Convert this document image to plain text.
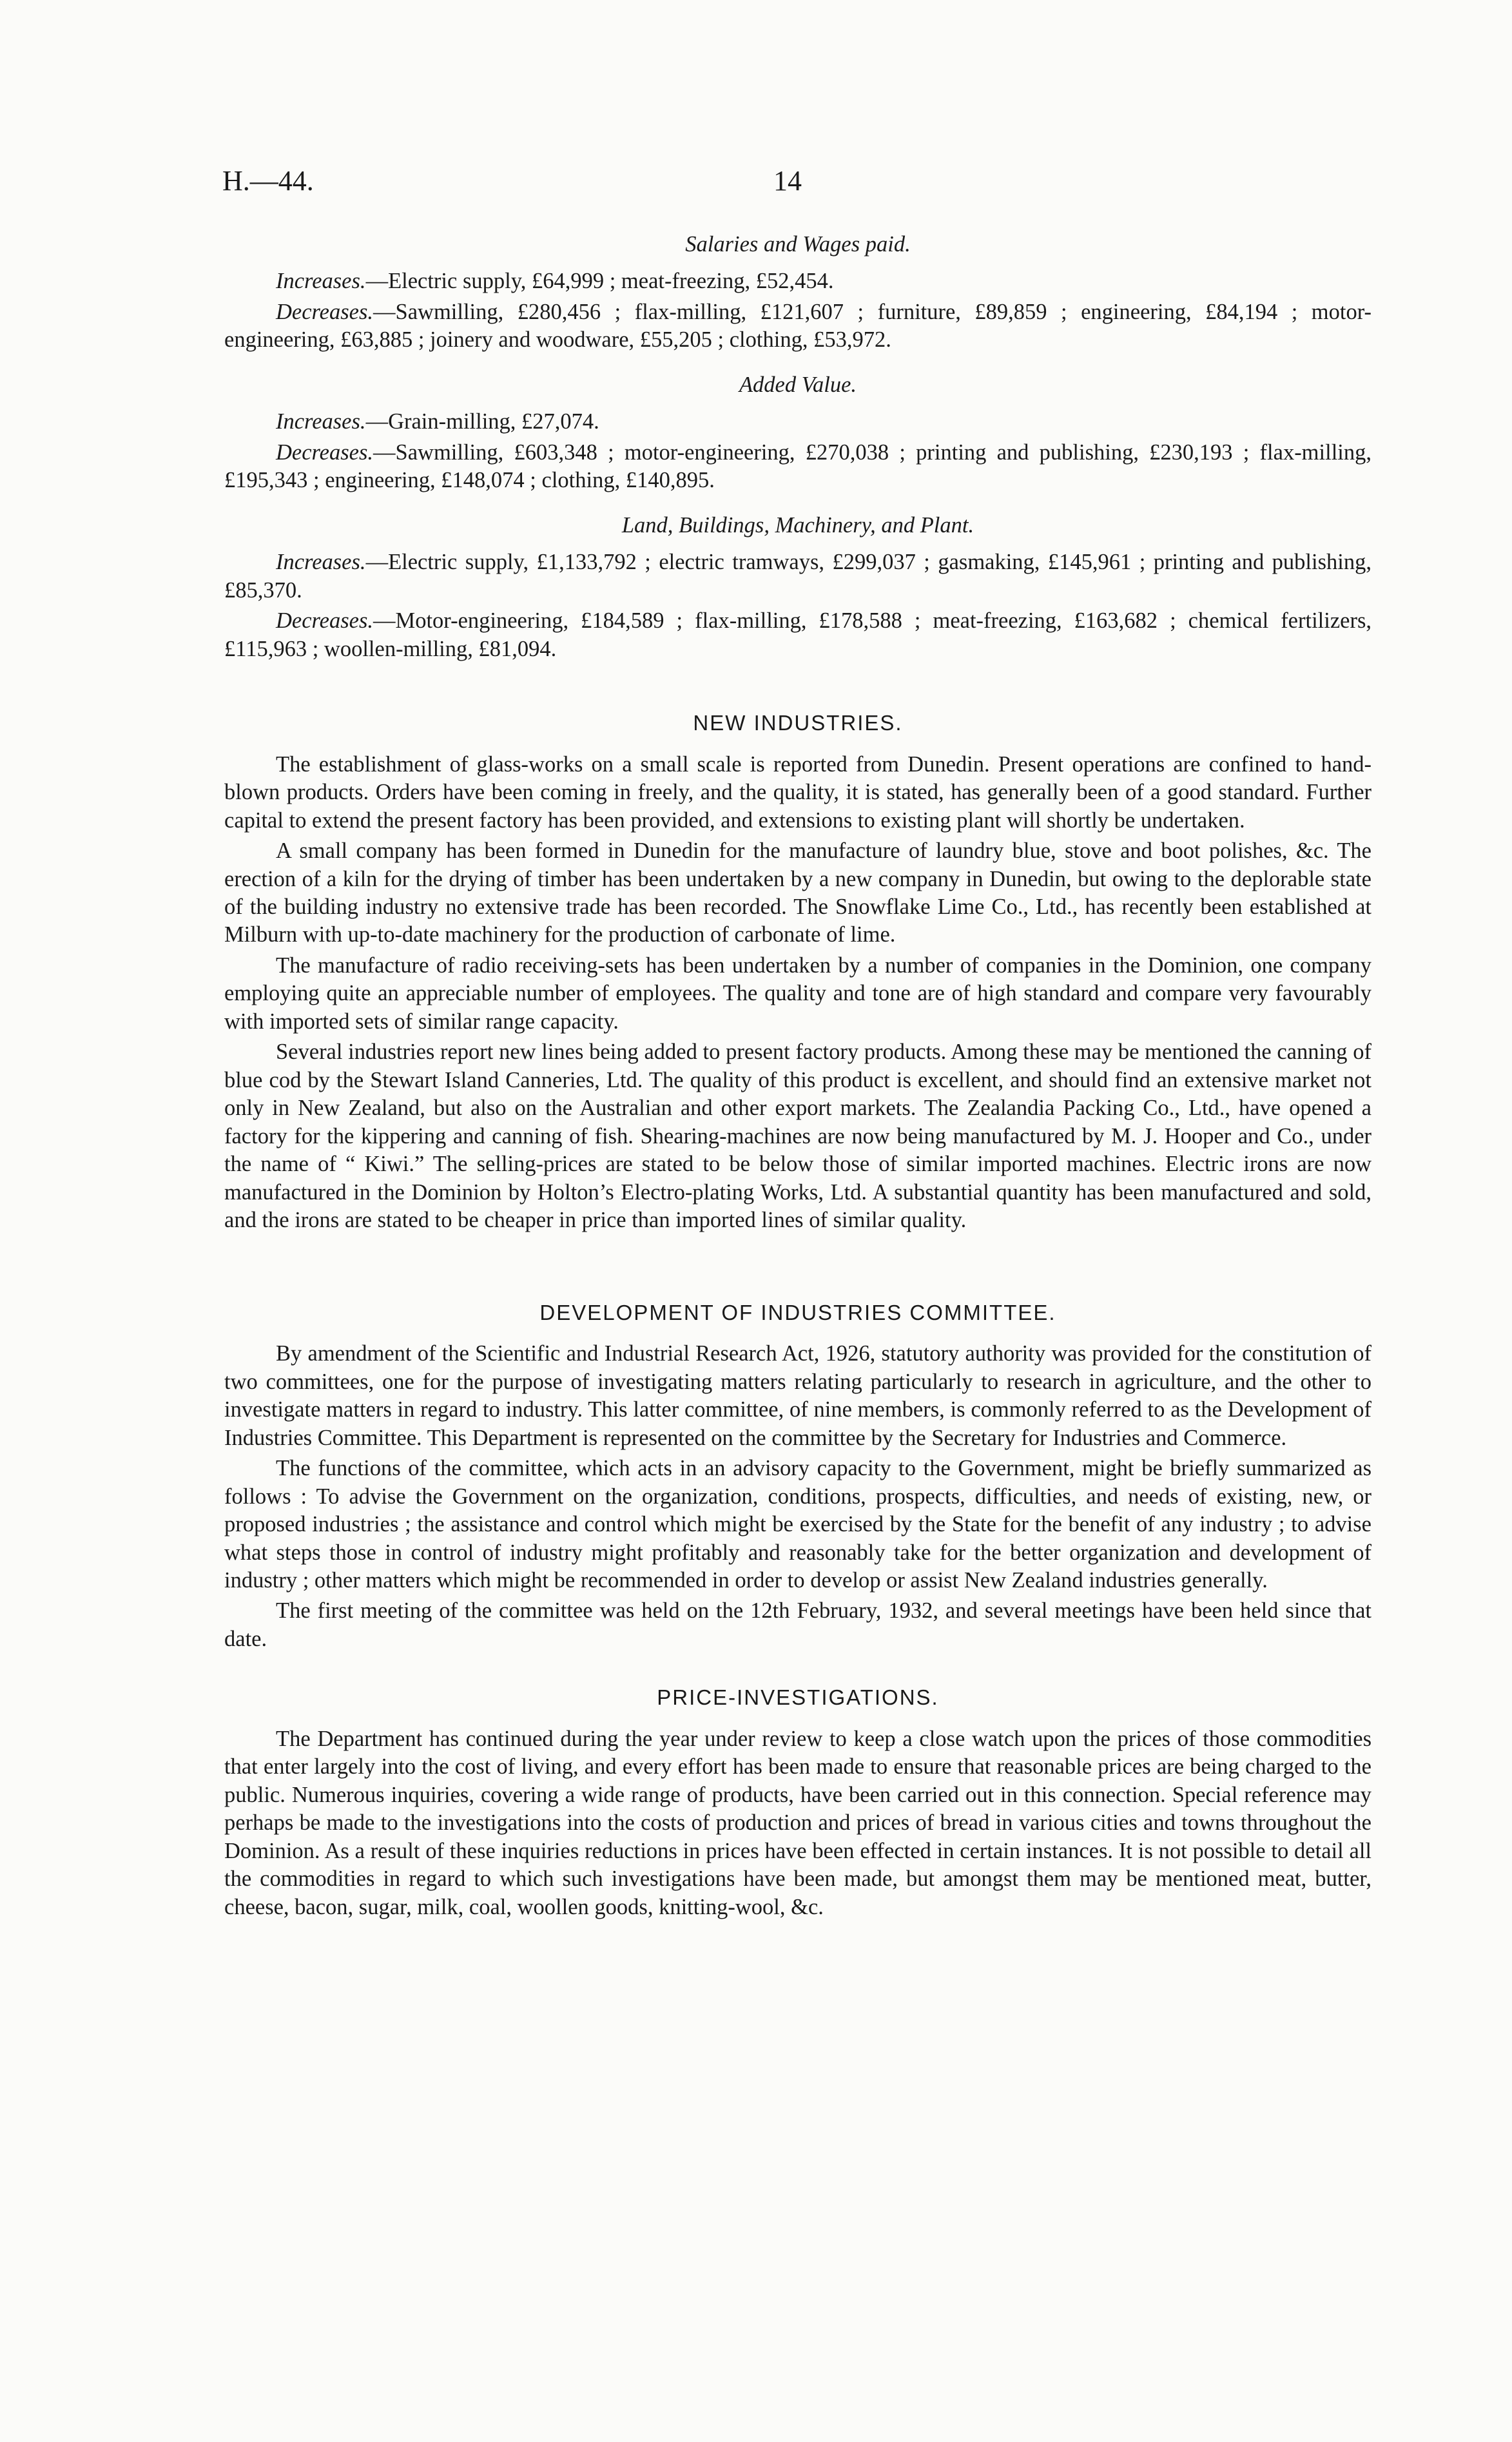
H.—44.	14
Salaries and Wages paid.

Increases.—Electric supply, £64,999 ; meat-freezing, £52,454.

Decreases.—Sawmilling, £280,456 ; flax-milling, £121,607 ; furniture, £89,859 ; engineering, £84,194 ; motor-engineering, £63,885 ; joinery and woodware, £55,205 ; clothing, £53,972.

Added Value.

Increases.—Grain-milling, £27,074.

Decreases.—Sawmilling, £603,348 ; motor-engineering, £270,038 ; printing and publishing, £230,193 ; flax-milling, £195,343 ; engineering, £148,074 ; clothing, £140,895.

Land, Buildings, Machinery, and Plant.

Increases.—Electric supply, £1,133,792 ; electric tramways, £299,037 ; gasmaking, £145,961 ; printing and publishing, £85,370.

Decreases.—Motor-engineering, £184,589 ; flax-milling, £178,588 ; meat-freezing, £163,682 ; chemical fertilizers, £115,963 ; woollen-milling, £81,094.

NEW INDUSTRIES.

The establishment of glass-works on a small scale is reported from Dunedin. Present operations are confined to hand-blown products. Orders have been coming in freely, and the quality, it is stated, has generally been of a good standard. Further capital to extend the present factory has been provided, and extensions to existing plant will shortly be undertaken.

A small company has been formed in Dunedin for the manufacture of laundry blue, stove and boot polishes, &c. The erection of a kiln for the drying of timber has been undertaken by a new company in Dunedin, but owing to the deplorable state of the building industry no extensive trade has been recorded. The Snowflake Lime Co., Ltd., has recently been established at Milburn with up-to-date machinery for the production of carbonate of lime.

The manufacture of radio receiving-sets has been undertaken by a number of companies in the Dominion, one company employing quite an appreciable number of employees. The quality and tone are of high standard and compare very favourably with imported sets of similar range capacity.

Several industries report new lines being added to present factory products. Among these may be mentioned the canning of blue cod by the Stewart Island Canneries, Ltd. The quality of this product is excellent, and should find an extensive market not only in New Zealand, but also on the Australian and other export markets. The Zealandia Packing Co., Ltd., have opened a factory for the kippering and canning of fish. Shearing-machines are now being manufactured by M. J. Hooper and Co., under the name of “ Kiwi.” The selling-prices are stated to be below those of similar imported machines. Electric irons are now manufactured in the Dominion by Holton’s Electro-plating Works, Ltd. A substantial quantity has been manufactured and sold, and the irons are stated to be cheaper in price than imported lines of similar quality.

DEVELOPMENT OF INDUSTRIES COMMITTEE.

By amendment of the Scientific and Industrial Research Act, 1926, statutory authority was provided for the constitution of two committees, one for the purpose of investigating matters relating particularly to research in agriculture, and the other to investigate matters in regard to industry. This latter committee, of nine members, is commonly referred to as the Development of Industries Committee. This Department is represented on the committee by the Secretary for Industries and Commerce.

The functions of the committee, which acts in an advisory capacity to the Government, might be briefly summarized as follows : To advise the Government on the organization, conditions, prospects, difficulties, and needs of existing, new, or proposed industries ; the assistance and control which might be exercised by the State for the benefit of any industry ; to advise what steps those in control of industry might profitably and reasonably take for the better organization and development of industry ; other matters which might be recommended in order to develop or assist New Zealand industries generally.

The first meeting of the committee was held on the 12th February, 1932, and several meetings have been held since that date.

PRICE-INVESTIGATIONS.

The Department has continued during the year under review to keep a close watch upon the prices of those commodities that enter largely into the cost of living, and every effort has been made to ensure that reasonable prices are being charged to the public. Numerous inquiries, covering a wide range of products, have been carried out in this connection. Special reference may perhaps be made to the investigations into the costs of production and prices of bread in various cities and towns throughout the Dominion. As a result of these inquiries reductions in prices have been effected in certain instances. It is not possible to detail all the commodities in regard to which such investigations have been made, but amongst them may be mentioned meat, butter, cheese, bacon, sugar, milk, coal, woollen goods, knitting-wool, &c.
